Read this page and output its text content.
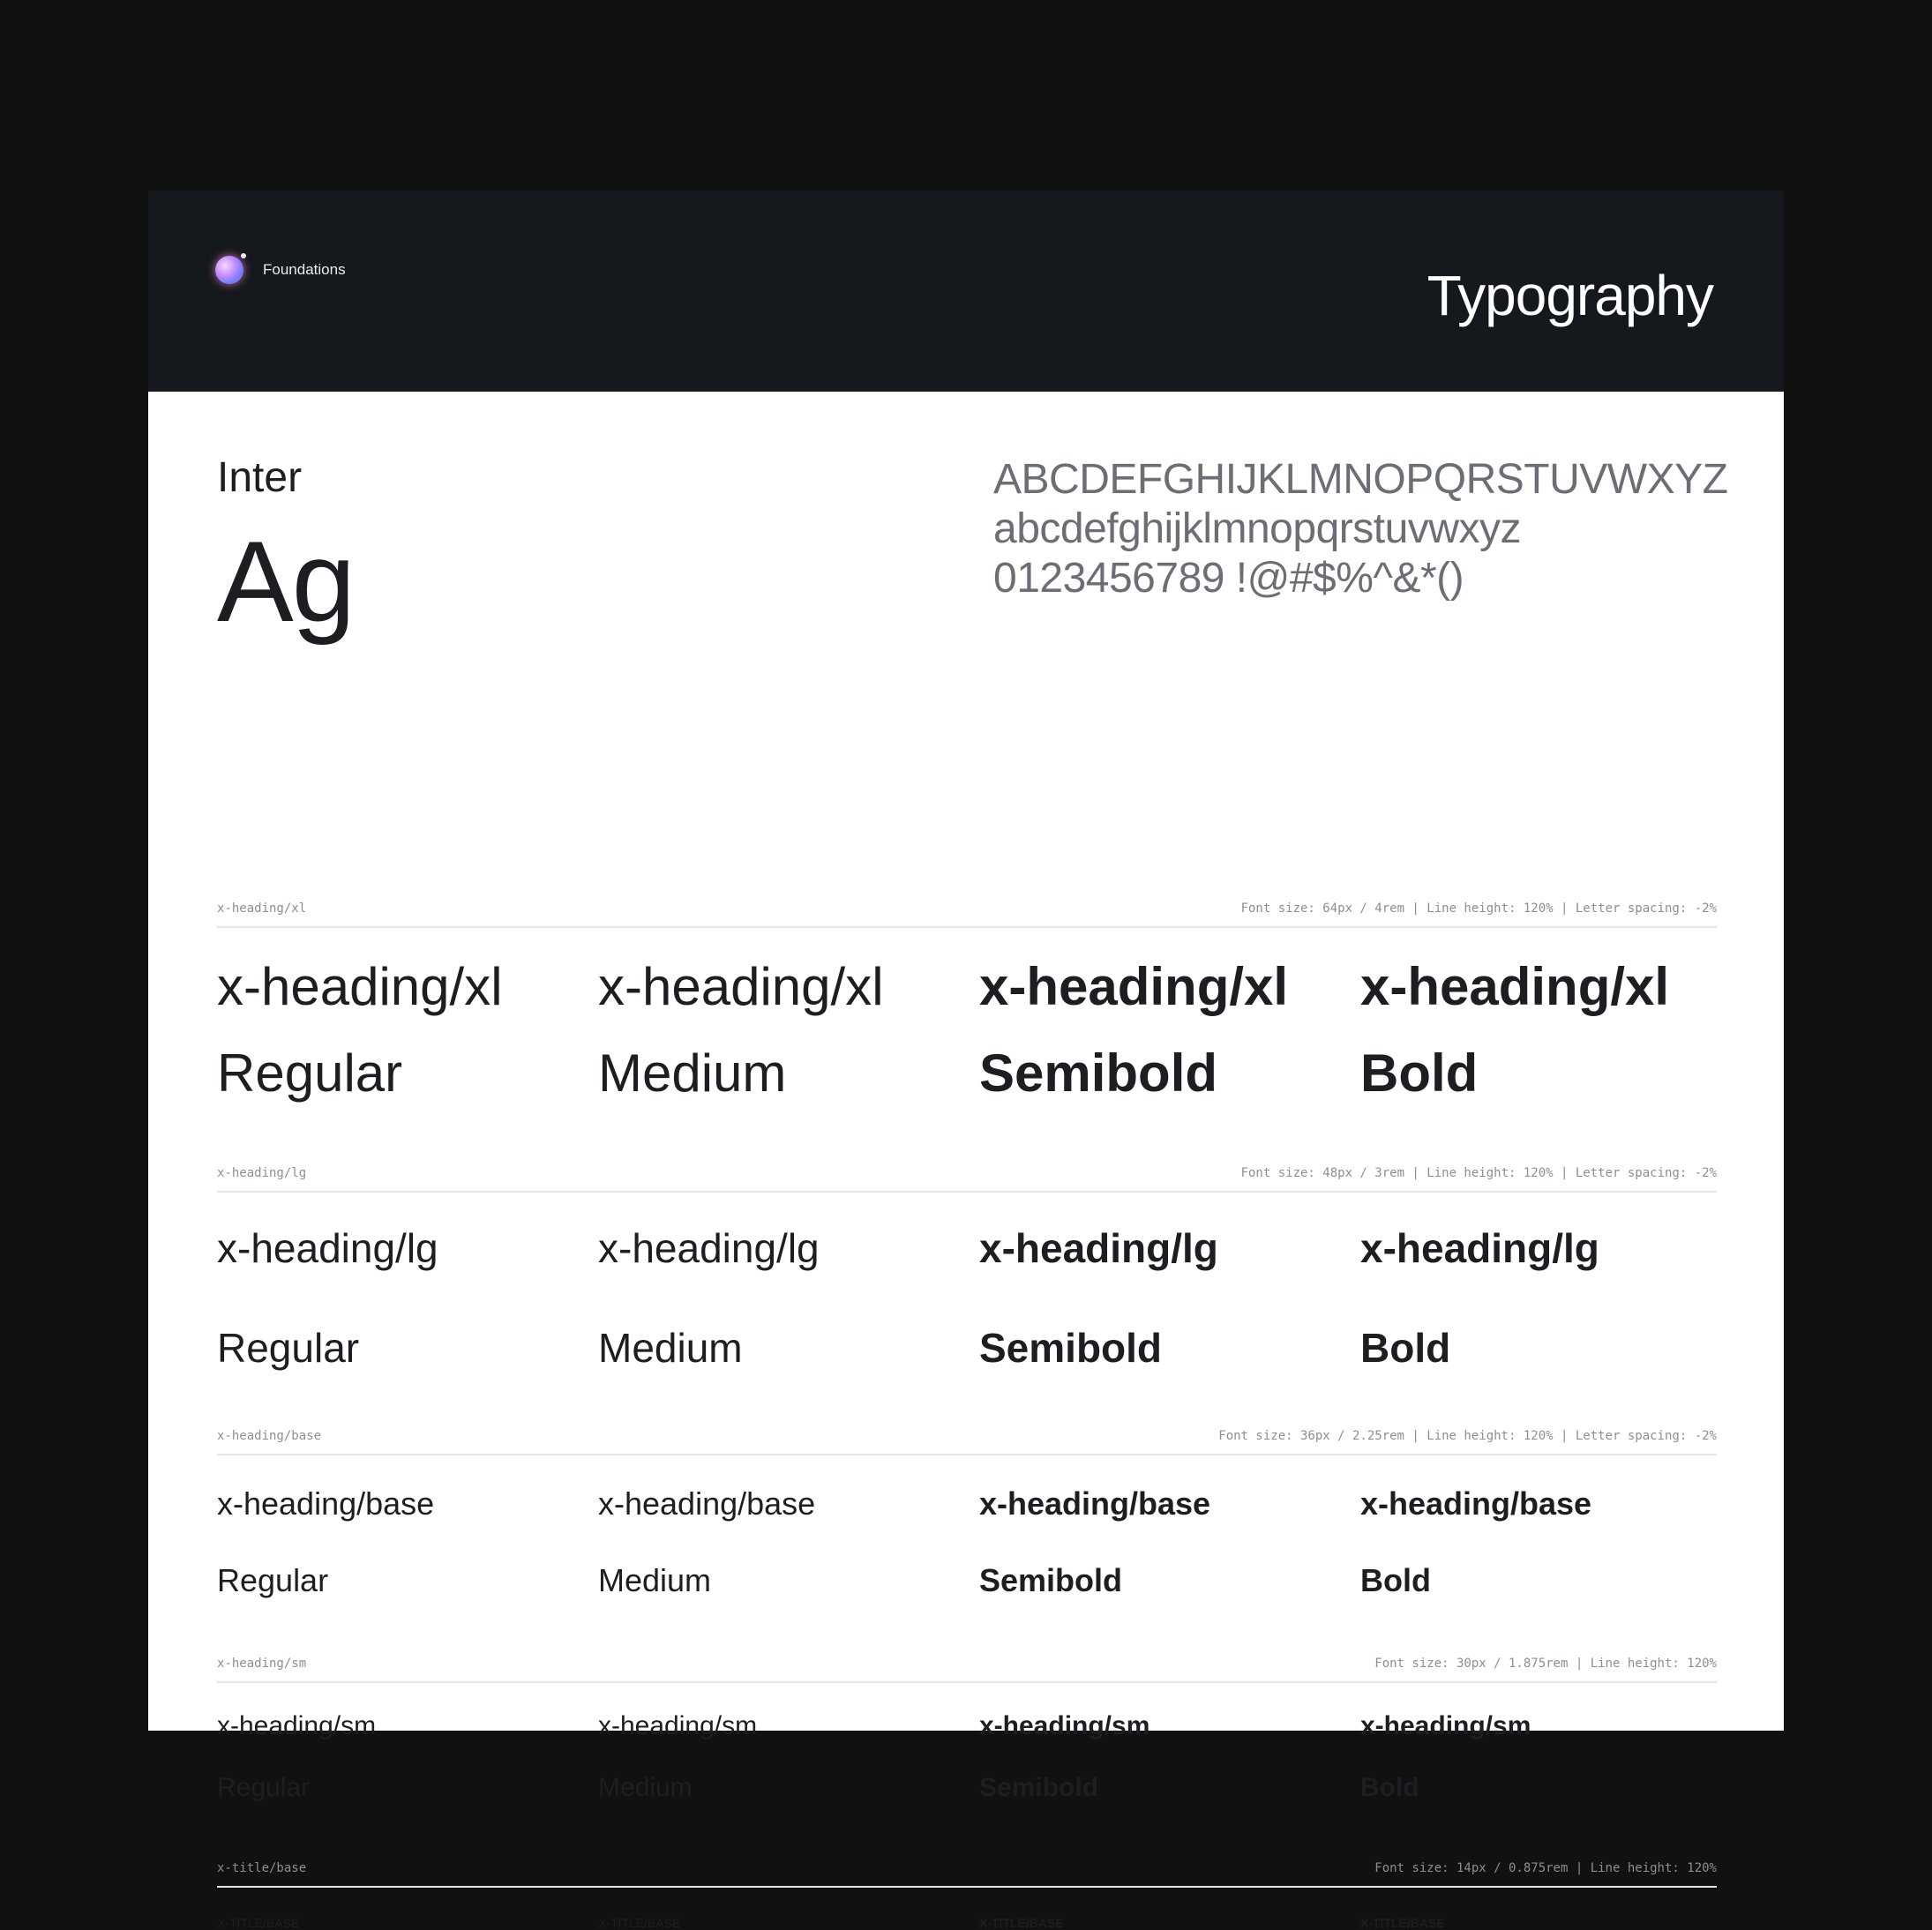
Foundations	Typography
Inter
Ag
ABCDEFGHIJKLMNOPQRSTUVWXYZ
abcdefghijklmnopqrstuvwxyz
0123456789 !@#$%^&*()
x-heading/xl	Font size: 64px / 4rem | Line height: 120% | Letter spacing: -2%
x-heading/xl x-heading/xl x-heading/xl x-heading/xl
Regular	Medium	Semibold	Bold
x-heading/lg	Font size: 48px / 3rem | Line height: 120% | Letter spacing: -2%
x-heading/lg	x-heading/lg	x-heading/lg	x-heading/lg
Regular	Medium	Semibold	Bold
x-heading/base	Font size: 36px / 2.25rem | Line height: 120% | Letter spacing: -2%
x-heading/base	x-heading/base	x-heading/base	x-heading/base
Regular	Medium	Semibold	Bold
x-heading/sm	Font size: 30px / 1.875rem | Line height: 120%
x-heading/sm	x-heading/sm	x-heading/sm	x-heading/sm
Regular	Medium	Semibold	Bold
x-title/base	Font size: 14px / 0.875rem | Line height: 120%
X-TITLE/BASE	X-TITLE/BASE	X-TITLE/BASE	X-TITLE/BASE
